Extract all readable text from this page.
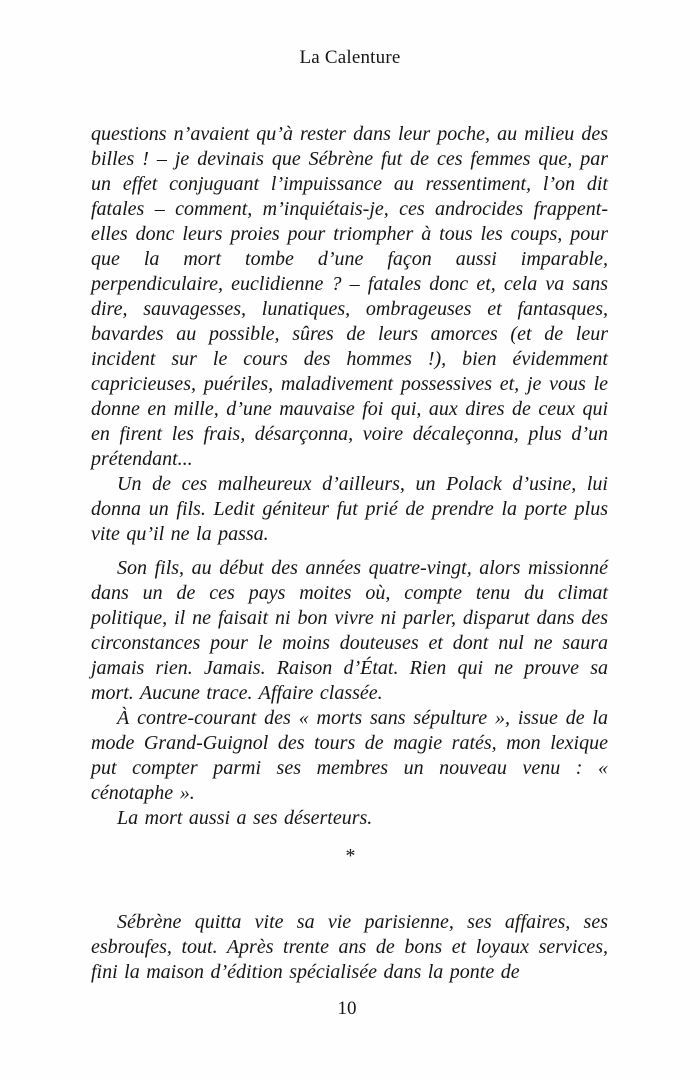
La Calenture

questions n’avaient qu’à rester dans leur poche, au milieu des billes ! – je devinais que Sébrène fut de ces femmes que, par un effet conjuguant l’impuissance au ressentiment, l’on dit fatales – comment, m’inquiétais-je, ces androcides frappent-elles donc leurs proies pour triompher à tous les coups, pour que la mort tombe d’une façon aussi imparable, perpendiculaire, euclidienne ? – fatales donc et, cela va sans dire, sauvagesses, lunatiques, ombrageuses et fantasques, bavardes au possible, sûres de leurs amorces (et de leur incident sur le cours des hommes !), bien évidemment capricieuses, puériles, maladivement possessives et, je vous le donne en mille, d’une mauvaise foi qui, aux dires de ceux qui en firent les frais, désarçonna, voire décaleçonna, plus d’un prétendant...

Un de ces malheureux d’ailleurs, un Polack d’usine, lui donna un fils. Ledit géniteur fut prié de prendre la porte plus vite qu’il ne la passa.

Son fils, au début des années quatre-vingt, alors missionné dans un de ces pays moites où, compte tenu du climat politique, il ne faisait ni bon vivre ni parler, disparut dans des circonstances pour le moins douteuses et dont nul ne saura jamais rien. Jamais. Raison d’État. Rien qui ne prouve sa mort. Aucune trace. Affaire classée.

À contre-courant des « morts sans sépulture », issue de la mode Grand-Guignol des tours de magie ratés, mon lexique put compter parmi ses membres un nouveau venu : « cénotaphe ».

La mort aussi a ses déserteurs.

*

Sébrène quitta vite sa vie parisienne, ses affaires, ses esbroufes, tout. Après trente ans de bons et loyaux services, fini la maison d’édition spécialisée dans la ponte de

10
